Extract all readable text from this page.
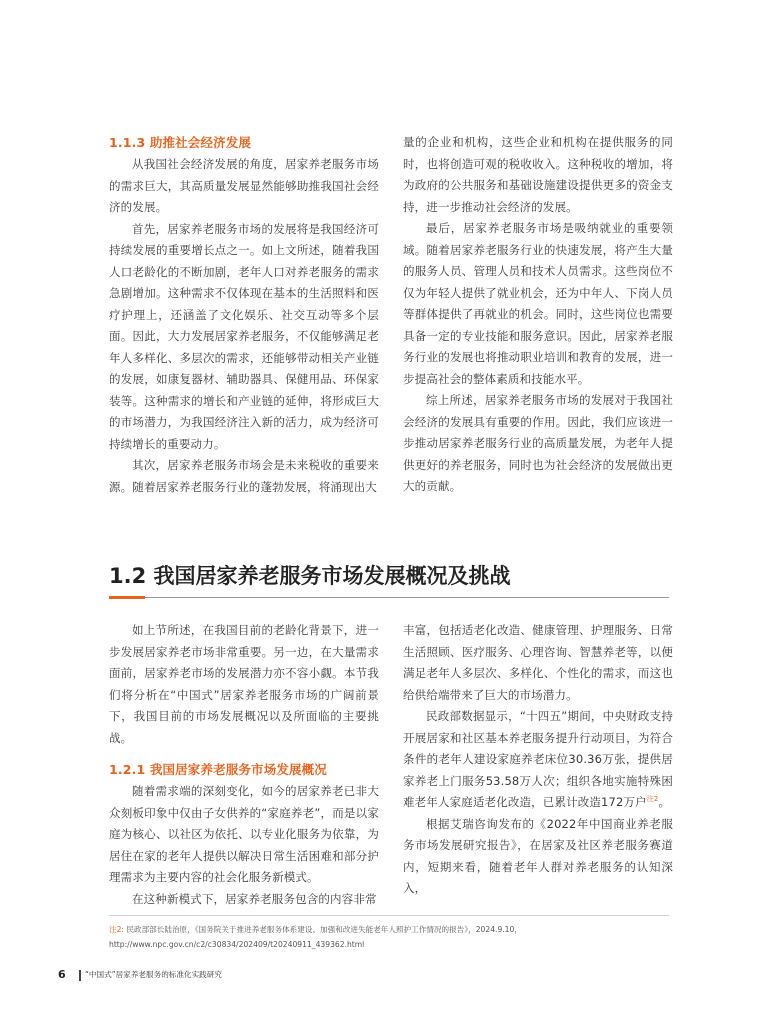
1.1.3 助推社会经济发展

从我国社会经济发展的角度，居家养老服务市场的需求巨大，其高质量发展显然能够助推我国社会经济的发展。

首先，居家养老服务市场的发展将是我国经济可持续发展的重要增长点之一。如上文所述，随着我国人口老龄化的不断加剧，老年人口对养老服务的需求急剧增加。这种需求不仅体现在基本的生活照料和医疗护理上，还涵盖了文化娱乐、社交互动等多个层面。因此，大力发展居家养老服务，不仅能够满足老年人多样化、多层次的需求，还能够带动相关产业链的发展，如康复器材、辅助器具、保健用品、环保家装等。这种需求的增长和产业链的延伸，将形成巨大的市场潜力，为我国经济注入新的活力，成为经济可持续增长的重要动力。

其次，居家养老服务市场会是未来税收的重要来源。随着居家养老服务行业的蓬勃发展，将涌现出大

量的企业和机构，这些企业和机构在提供服务的同时，也将创造可观的税收收入。这种税收的增加，将为政府的公共服务和基础设施建设提供更多的资金支持，进一步推动社会经济的发展。

最后，居家养老服务市场是吸纳就业的重要领域。随着居家养老服务行业的快速发展，将产生大量的服务人员、管理人员和技术人员需求。这些岗位不仅为年轻人提供了就业机会，还为中年人、下岗人员等群体提供了再就业的机会。同时，这些岗位也需要具备一定的专业技能和服务意识。因此，居家养老服务行业的发展也将推动职业培训和教育的发展，进一步提高社会的整体素质和技能水平。

综上所述，居家养老服务市场的发展对于我国社会经济的发展具有重要的作用。因此，我们应该进一步推动居家养老服务行业的高质量发展，为老年人提供更好的养老服务，同时也为社会经济的发展做出更大的贡献。

1.2 我国居家养老服务市场发展概况及挑战

如上节所述，在我国目前的老龄化背景下，进一步发展居家养老市场非常重要。另一边，在大量需求面前，居家养老市场的发展潜力亦不容小觑。本节我们将分析在“中国式”居家养老服务市场的广阔前景下，我国目前的市场发展概况以及所面临的主要挑战。

1.2.1 我国居家养老服务市场发展概况

随着需求端的深刻变化，如今的居家养老已非大众刻板印象中仅由子女供养的“家庭养老”，而是以家庭为核心、以社区为依托、以专业化服务为依靠，为居住在家的老年人提供以解决日常生活困难和部分护理需求为主要内容的社会化服务新模式。

在这种新模式下，居家养老服务包含的内容非常

丰富，包括适老化改造、健康管理、护理服务、日常生活照顾、医疗服务、心理咨询、智慧养老等，以便满足老年人多层次、多样化、个性化的需求，而这也给供给端带来了巨大的市场潜力。

民政部数据显示，“十四五”期间，中央财政支持开展居家和社区基本养老服务提升行动项目，为符合条件的老年人建设家庭养老床位30.36万张，提供居家养老上门服务53.58万人次；组织各地实施特殊困难老年人家庭适老化改造，已累计改造172万户$^{注2}$。

根据艾瑞咨询发布的《2022年中国商业养老服务市场发展研究报告》，在居家及社区养老服务赛道内，短期来看，随着老年人群对养老服务的认知深入，

注2: 民政部部长陆治原，《国务院关于推进养老服务体系建设、加强和改进失能老年人照护工作情况的报告》，2024.9.10，http://www.npc.gov.cn/c2/c30834/202409/t20240911_439362.html
6	“中国式”居家养老服务的标准化实践研究
